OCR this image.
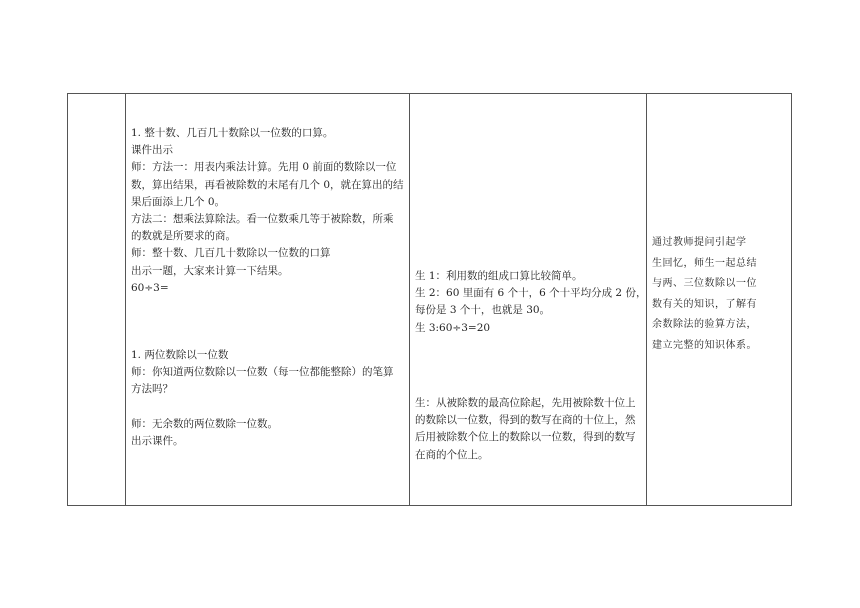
1. 整十数、几百几十数除以一位数的口算。
课件出示
师：方法一：用表内乘法计算。先用 0 前面的数除以一位
数，算出结果，再看被除数的末尾有几个 0，就在算出的结
果后面添上几个 0。
方法二：想乘法算除法。看一位数乘几等于被除数，所乘
的数就是所要求的商。
师：整十数、几百几十数除以一位数的口算
出示一题，大家来计算一下结果。
60÷3=
1. 两位数除以一位数
师：你知道两位数除以一位数（每一位都能整除）的笔算
方法吗？
师：无余数的两位数除一位数。
出示课件。

生 1：利用数的组成口算比较简单。
生 2：60 里面有 6 个十，6 个十平均分成 2 份，
每份是 3 个十，也就是 30。
生 3:60÷3=20
生：从被除数的最高位除起，先用被除数十位上
的数除以一位数，得到的数写在商的十位上，然
后用被除数个位上的数除以一位数，得到的数写
在商的个位上。

通过教师提问引起学
生回忆，师生一起总结
与两、三位数除以一位
数有关的知识，了解有
余数除法的验算方法，
建立完整的知识体系。
